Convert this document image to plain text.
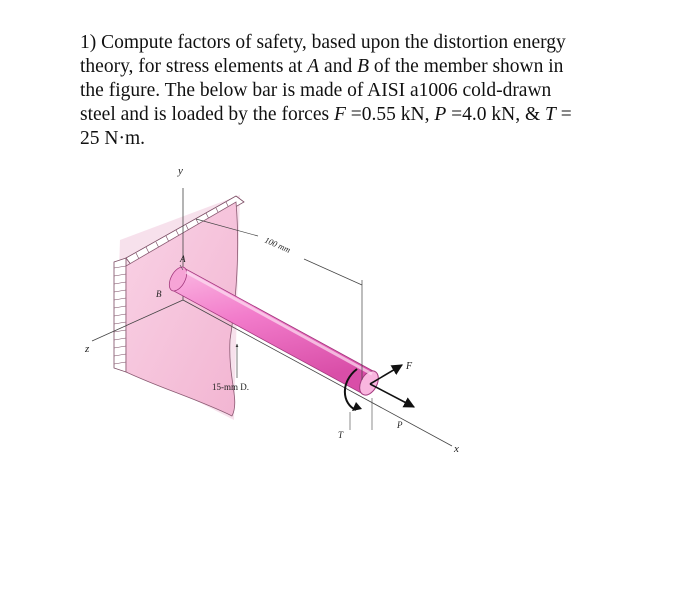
1) Compute factors of safety, based upon the distortion energy
theory, for stress elements at A and B of the member shown in
the figure. The below bar is made of AISI a1006 cold-drawn
steel and is loaded by the forces F =0.55 kN, P =4.0 kN, & T =
25 N·m.
y
z
x
A
B
100 mm
15-mm D.
T
F
P
